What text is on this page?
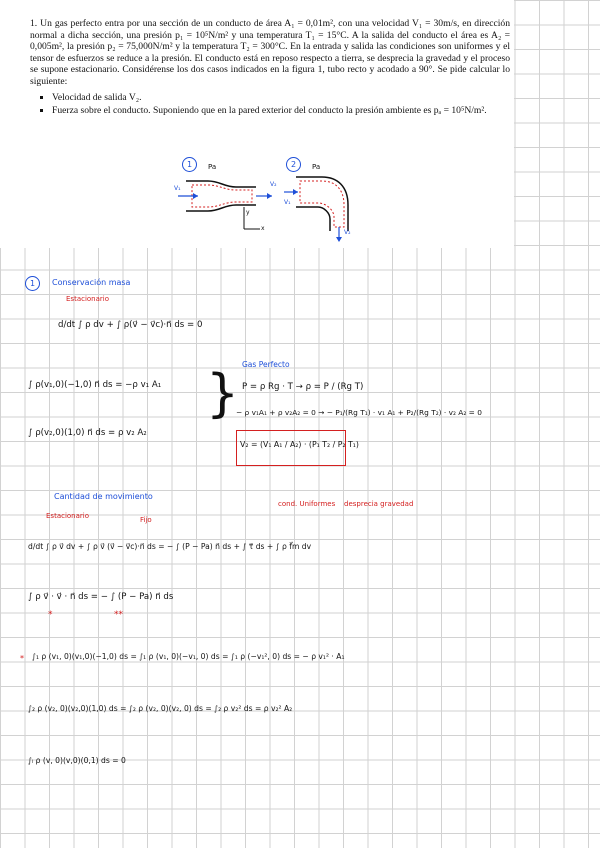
1. Un gas perfecto entra por una sección de un conducto de área A₁ = 0,01m², con una velocidad V₁ = 30m/s, en dirección normal a dicha sección, una presión p₁ = 10⁵N/m² y una temperatura T₁ = 15°C. A la salida del conducto el área es A₂ = 0,005m², la presión p₂ = 75,000N/m² y la temperatura T₂ = 300°C. En la entrada y salida las condiciones son uniformes y el tensor de esfuerzos se reduce a la presión. El conducto está en reposo respecto a tierra, se desprecia la gravedad y el proceso se supone estacionario. Considérense los dos casos indicados en la figura 1, tubo recto y acodado a 90°. Se pide calcular lo siguiente:

▪ Velocidad de salida V₂.
▪ Fuerza sobre el conducto. Suponiendo que en la pared exterior del conducto la presión ambiente es pₐ = 10⁵N/m².
1	Pa
V₁
V₂
y
x
2	Pa
V₁
V₂
1	Conservación masa
Estacionario
d/dt ∫ ρ dv + ∫ ρ(v⃗ − v⃗c)·n⃗ ds = 0
∫ ρ(v₁,0)(−1,0) n⃗ ds = −ρ v₁ A₁
∫ ρ(v₂,0)(1,0) n⃗ ds = ρ v₂ A₂
} Gas Perfecto
P = ρ Rg · T → ρ = P / (Rg T)
− ρ v₁A₁ + ρ v₂A₂ = 0 → − P₁/(Rg T₁) · v₁ A₁ + P₂/(Rg T₂) · v₂ A₂ = 0
V₂ = (V₁ A₁ / A₂) · (P₁ T₂ / P₂ T₁)
Cantidad de movimiento
Estacionario	Fijo
cond. Uniformes desprecia gravedad
d/dt ∫ ρ v⃗ dv + ∫ ρ v⃗ (v⃗ − v⃗c)·n⃗ ds = − ∫ (P − Pa) n⃗ ds + ∫ τ⃗ ds + ∫ ρ f⃗m dv
∫ ρ v⃗ · v⃗ · n⃗ ds = − ∫ (P − Pa) n⃗ ds
*	**
* ∫₁ ρ (v₁, 0)(v₁,0)(−1,0) ds = ∫₁ ρ (v₁, 0)(−v₁, 0) ds = ∫₁ ρ (−v₁², 0) ds = − ρ v₁² · A₁
∫₂ ρ (v₂, 0)(v₂,0)(1,0) ds = ∫₂ ρ (v₂, 0)(v₂, 0) ds = ∫₂ ρ v₂² ds = ρ v₂² A₂
∫ₗ ρ (v, 0)(v,0)(0,1) ds = 0
